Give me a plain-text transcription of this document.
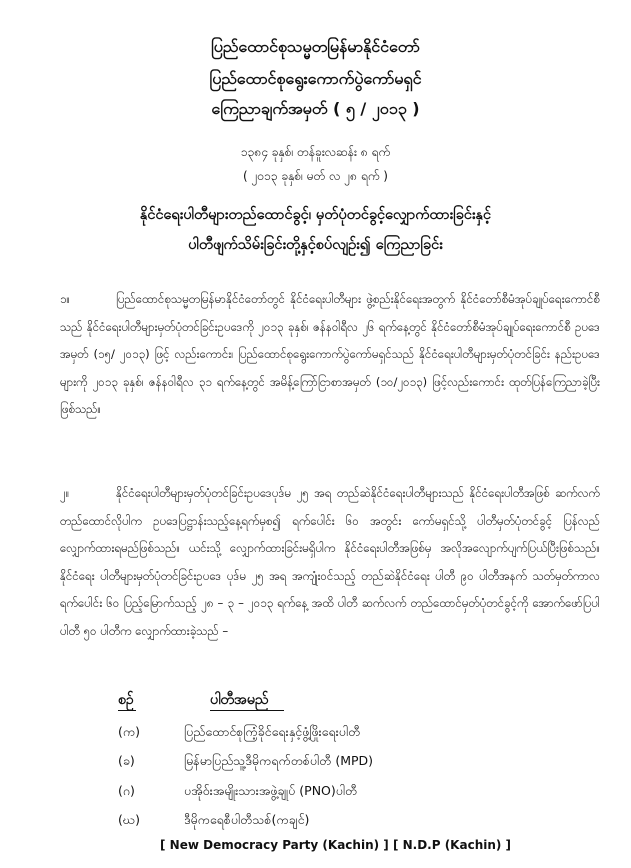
ပြည်ထောင်စုသမ္မတမြန်မာနိုင်ငံတော်
ပြည်ထောင်စုရွေးကောက်ပွဲကော်မရှင်
ကြေညာချက်အမှတ် ( ၅ / ၂၀၁၃ )
၁၃၈၄ ခုနှစ်၊ တန်ခူးလဆန်း ၈ ရက်
( ၂၀၁၃ ခုနှစ်၊ မတ် လ ၂၈ ရက် )
နိုင်ငံရေးပါတီများတည်ထောင်ခွင့်၊ မှတ်ပုံတင်ခွင့်လျှောက်ထားခြင်းနှင့်
ပါတီဖျက်သိမ်းခြင်းတို့နှင့်စပ်လျဉ်း၍ ကြေညာခြင်း
၁။	ပြည်ထောင်စုသမ္မတမြန်မာနိုင်ငံတော်တွင် နိုင်ငံရေးပါတီများ ဖွဲ့စည်းနိုင်ရေးအတွက် နိုင်ငံတော်စီမံအုပ်ချုပ်ရေးကောင်စီသည် နိုင်ငံရေးပါတီများမှတ်ပုံတင်ခြင်းဥပဒေကို ၂၀၁၃ ခုနှစ်၊ ဇန်နဝါရီလ ၂၆ ရက်နေ့တွင် နိုင်ငံတော်စီမံအုပ်ချုပ်ရေးကောင်စီ ဥပဒေအမှတ် (၁၅/ ၂၀၁၃) ဖြင့် လည်းကောင်း၊ ပြည်ထောင်စုရွေးကောက်ပွဲကော်မရှင်သည် နိုင်ငံရေးပါတီများမှတ်ပုံတင်ခြင်း နည်းဥပဒေများကို ၂၀၁၃ ခုနှစ်၊ ဇန်နဝါရီလ ၃၁ ရက်နေ့တွင် အမိန့်ကြော်ငြာစာအမှတ် (၁၀/၂၀၁၃) ဖြင့်လည်းကောင်း ထုတ်ပြန်ကြေညာခဲ့ပြီး ဖြစ်သည်။
၂။	နိုင်ငံရေးပါတီများမှတ်ပုံတင်ခြင်းဥပဒေပုဒ်မ ၂၅ အရ တည်ဆဲနိုင်ငံရေးပါတီများသည် နိုင်ငံရေးပါတီအဖြစ် ဆက်လက်တည်ထောင်လိုပါက ဥပဒေပြဋ္ဌာန်းသည့်နေ့ရက်မှစ၍ ရက်ပေါင်း ၆၀ အတွင်း ကော်မရှင်သို့ ပါတီမှတ်ပုံတင်ခွင့် ပြန်လည်လျှောက်ထားရမည်ဖြစ်သည်။ ယင်းသို့ လျှောက်ထားခြင်းမရှိပါက နိုင်ငံရေးပါတီအဖြစ်မှ အလိုအလျောက်ပျက်ပြယ်ပြီးဖြစ်သည်။ နိုင်ငံရေး ပါတီများမှတ်ပုံတင်ခြင်းဥပဒေ ပုဒ်မ ၂၅ အရ အကျုံးဝင်သည့် တည်ဆဲနိုင်ငံရေး ပါတီ ၉၀ ပါတီအနက် သတ်မှတ်ကာလ ရက်ပေါင်း ၆၀ ပြည့်မြောက်သည့် ၂၈ – ၃ – ၂၀၁၃ ရက်နေ့ အထိ ပါတီ ဆက်လက် တည်ထောင်မှတ်ပုံတင်ခွင့်ကို အောက်ဖော်ပြပါ ပါတီ ၅၀ ပါတီက လျှောက်ထားခဲ့သည် –
စဉ်	ပါတီအမည်
(က)	ပြည်ထောင်စုကြံ့ခိုင်ရေးနှင့်ဖွံ့ဖြိုးရေးပါတီ
(ခ)	မြန်မာပြည်သူ့ဒီမိုကရက်တစ်ပါတီ (MPD)
(ဂ)	ပအိုဝ်းအမျိုးသားအဖွဲ့ချုပ် (PNO)ပါတီ
(ဃ)	ဒီမိုကရေစီပါတီသစ်(ကချင်)
[ New Democracy Party (Kachin) ] [ N.D.P (Kachin) ]
